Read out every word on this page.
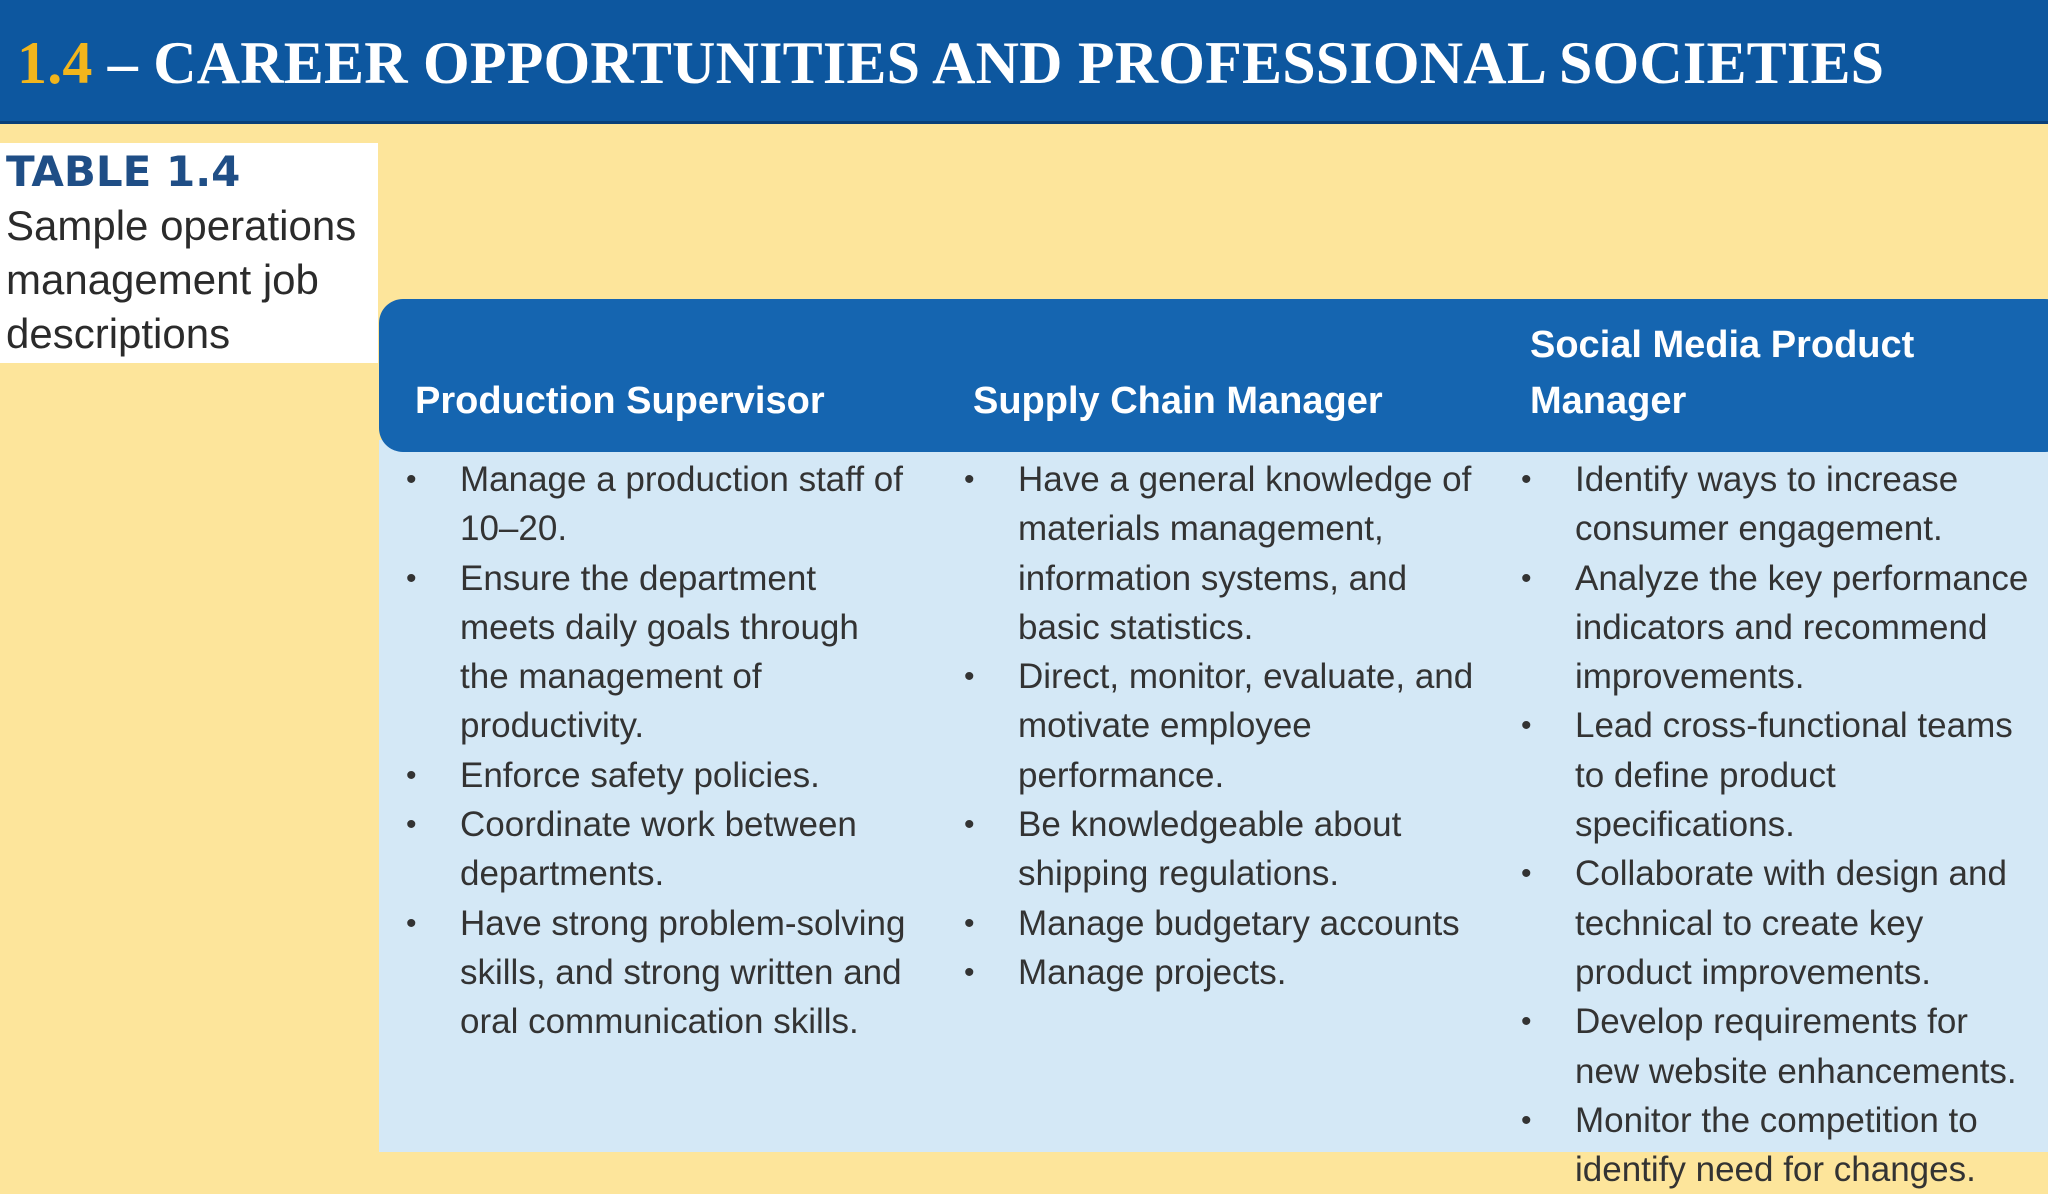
1.4 – CAREER OPPORTUNITIES AND PROFESSIONAL SOCIETIES
TABLE 1.4
Sample operations management job descriptions
Production Supervisor	Supply Chain Manager
Social Media Product Manager
• Manage a production staff of 10–20.
• Ensure the department meets daily goals through the management of productivity.
• Enforce safety policies.
• Coordinate work between departments.
• Have strong problem-solving skills, and strong written and oral communication skills.
• Have a general knowledge of materials management, information systems, and basic statistics.
• Direct, monitor, evaluate, and motivate employee performance.
• Be knowledgeable about shipping regulations.
• Manage budgetary accounts
• Manage projects.
• Identify ways to increase consumer engagement.
• Analyze the key performance indicators and recommend improvements.
• Lead cross-functional teams to define product specifications.
• Collaborate with design and technical to create key product improvements.
• Develop requirements for new website enhancements.
• Monitor the competition to identify need for changes.
